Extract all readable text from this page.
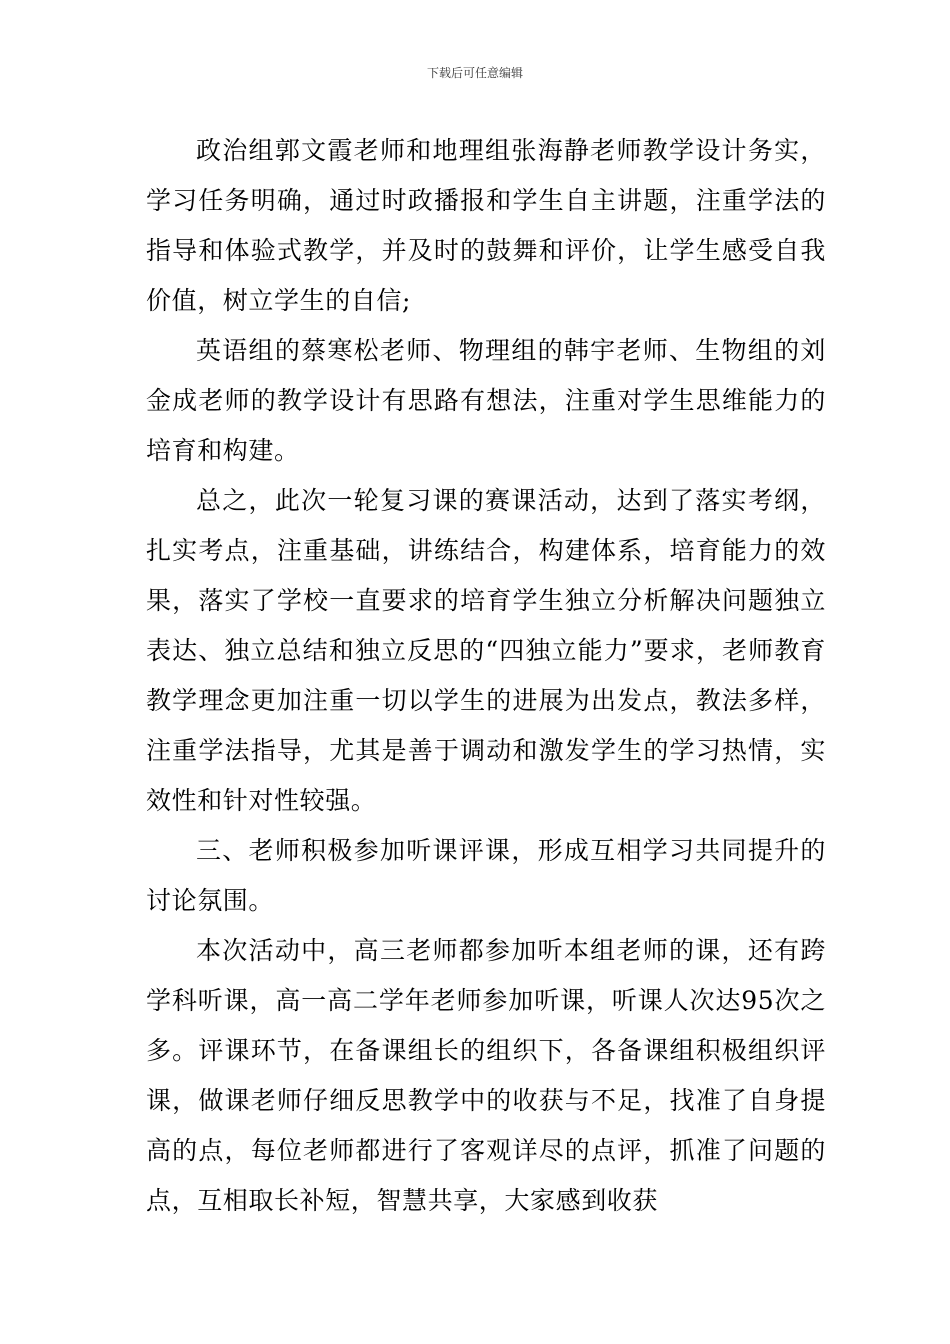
下载后可任意编辑

政治组郭文霞老师和地理组张海静老师教学设计务实，学习任务明确，通过时政播报和学生自主讲题，注重学法的指导和体验式教学，并及时的鼓舞和评价，让学生感受自我价值，树立学生的自信;

英语组的蔡寒松老师、物理组的韩宇老师、生物组的刘金成老师的教学设计有思路有想法，注重对学生思维能力的培育和构建。

总之，此次一轮复习课的赛课活动，达到了落实考纲，扎实考点，注重基础，讲练结合，构建体系，培育能力的效果，落实了学校一直要求的培育学生独立分析解决问题独立表达、独立总结和独立反思的“四独立能力”要求，老师教育教学理念更加注重一切以学生的进展为出发点，教法多样，注重学法指导，尤其是善于调动和激发学生的学习热情，实效性和针对性较强。

三、老师积极参加听课评课，形成互相学习共同提升的讨论氛围。

本次活动中，高三老师都参加听本组老师的课，还有跨学科听课，高一高二学年老师参加听课，听课人次达95次之多。评课环节，在备课组长的组织下，各备课组积极组织评课，做课老师仔细反思教学中的收获与不足，找准了自身提高的点，每位老师都进行了客观详尽的点评，抓准了问题的点，互相取长补短，智慧共享，大家感到收获
